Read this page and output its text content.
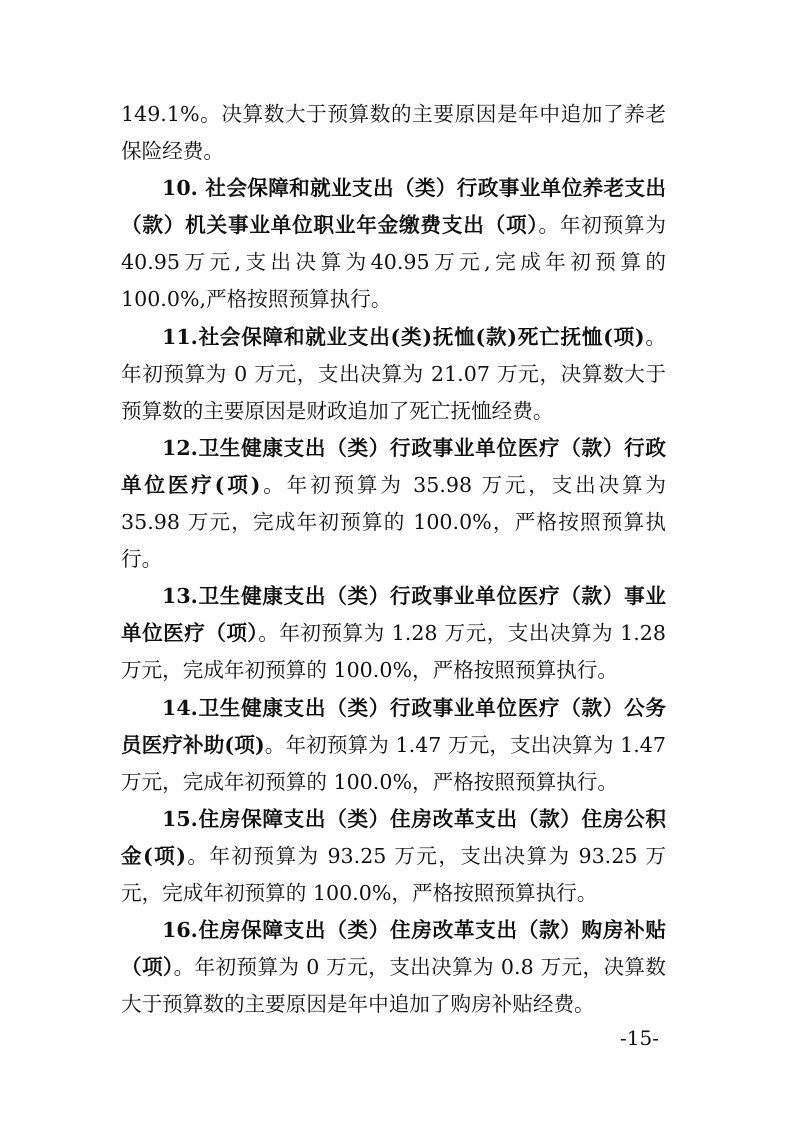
149.1%。决算数大于预算数的主要原因是年中追加了养老保险经费。

10. 社会保障和就业支出（类）行政事业单位养老支出（款）机关事业单位职业年金缴费支出（项）。年初预算为40.95万元,支出决算为40.95万元,完成年初预算的100.0%,严格按照预算执行。

11.社会保障和就业支出(类)抚恤(款)死亡抚恤(项)。年初预算为 0 万元，支出决算为 21.07 万元，决算数大于预算数的主要原因是财政追加了死亡抚恤经费。

12.卫生健康支出（类）行政事业单位医疗（款）行政单位医疗(项)。年初预算为 35.98 万元，支出决算为 35.98 万元，完成年初预算的 100.0%，严格按照预算执行。

13.卫生健康支出（类）行政事业单位医疗（款）事业单位医疗（项）。年初预算为 1.28 万元，支出决算为 1.28 万元，完成年初预算的 100.0%，严格按照预算执行。

14.卫生健康支出（类）行政事业单位医疗（款）公务员医疗补助(项)。年初预算为 1.47 万元，支出决算为 1.47 万元，完成年初预算的 100.0%，严格按照预算执行。

15.住房保障支出（类）住房改革支出（款）住房公积金(项)。年初预算为 93.25 万元，支出决算为 93.25 万元，完成年初预算的 100.0%，严格按照预算执行。

16.住房保障支出（类）住房改革支出（款）购房补贴（项）。年初预算为 0 万元，支出决算为 0.8 万元，决算数大于预算数的主要原因是年中追加了购房补贴经费。

-15-
